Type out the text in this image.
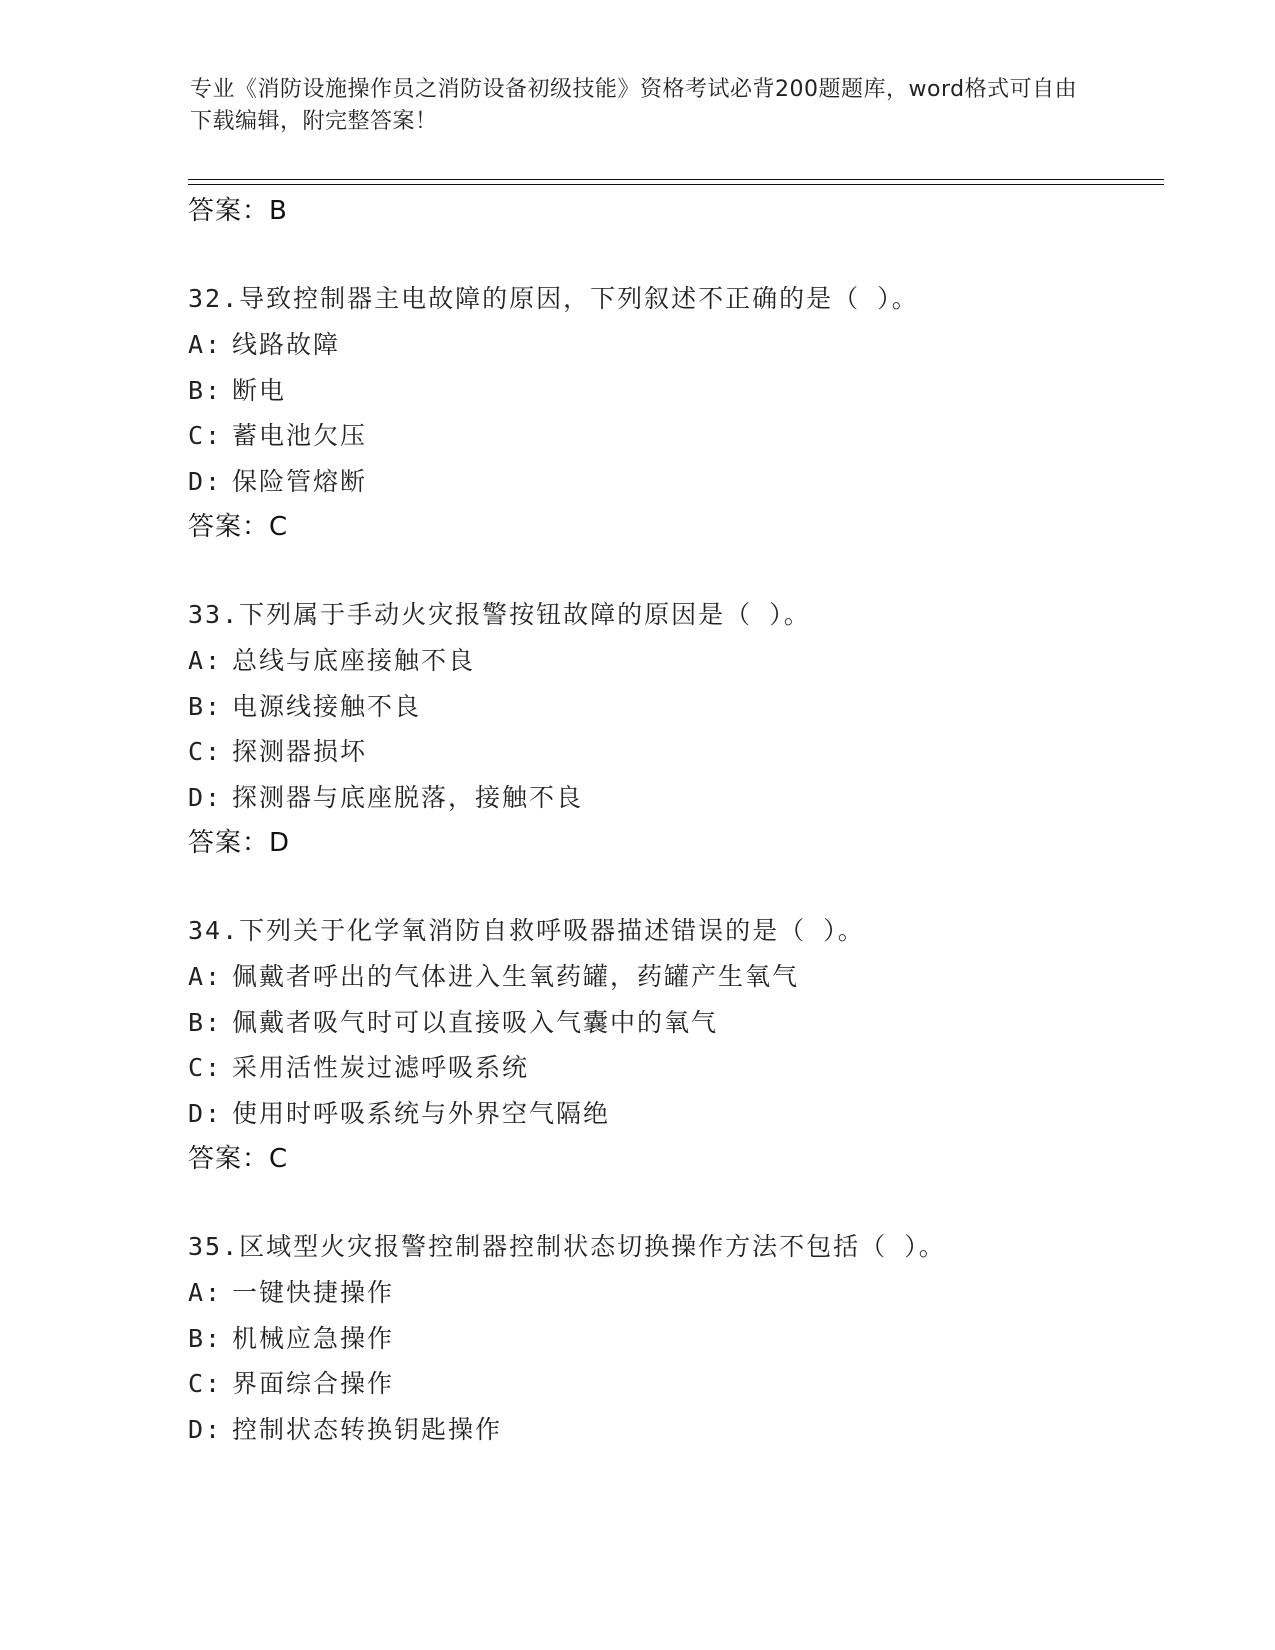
专业《消防设施操作员之消防设备初级技能》资格考试必背200题题库，word格式可自由下载编辑，附完整答案！
答案：B
32.导致控制器主电故障的原因，下列叙述不正确的是（ ）。
A: 线路故障
B: 断电
C: 蓄电池欠压
D: 保险管熔断
答案：C
33.下列属于手动火灾报警按钮故障的原因是（ ）。
A: 总线与底座接触不良
B: 电源线接触不良
C: 探测器损坏
D: 探测器与底座脱落，接触不良
答案：D
34.下列关于化学氧消防自救呼吸器描述错误的是（ ）。
A: 佩戴者呼出的气体进入生氧药罐，药罐产生氧气
B: 佩戴者吸气时可以直接吸入气囊中的氧气
C: 采用活性炭过滤呼吸系统
D: 使用时呼吸系统与外界空气隔绝
答案：C
35.区域型火灾报警控制器控制状态切换操作方法不包括（ ）。
A: 一键快捷操作
B: 机械应急操作
C: 界面综合操作
D: 控制状态转换钥匙操作
